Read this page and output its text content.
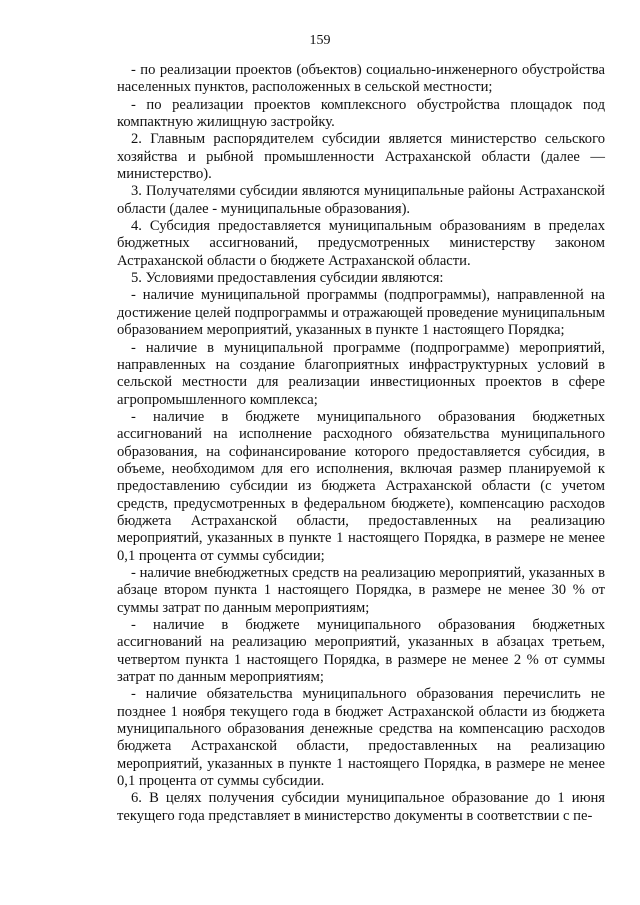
159

- по реализации проектов (объектов) социально-инженерного обустройства населенных пунктов, расположенных в сельской местности;

- по реализации проектов комплексного обустройства площадок под компактную жилищную застройку.

2. Главным распорядителем субсидии является министерство сельского хозяйства и рыбной промышленности Астраханской области (далее — министерство).

3. Получателями субсидии являются муниципальные районы Астраханской области (далее - муниципальные образования).

4. Субсидия предоставляется муниципальным образованиям в пределах бюджетных ассигнований, предусмотренных министерству законом Астраханской области о бюджете Астраханской области.

5. Условиями предоставления субсидии являются:

- наличие муниципальной программы (подпрограммы), направленной на достижение целей подпрограммы и отражающей проведение муниципальным образованием мероприятий, указанных в пункте 1 настоящего Порядка;

- наличие в муниципальной программе (подпрограмме) мероприятий, направленных на создание благоприятных инфраструктурных условий в сельской местности для реализации инвестиционных проектов в сфере агропромышленного комплекса;

- наличие в бюджете муниципального образования бюджетных ассигнований на исполнение расходного обязательства муниципального образования, на софинансирование которого предоставляется субсидия, в объеме, необходимом для его исполнения, включая размер планируемой к предоставлению субсидии из бюджета Астраханской области (с учетом средств, предусмотренных в федеральном бюджете), компенсацию расходов бюджета Астраханской области, предоставленных на реализацию мероприятий, указанных в пункте 1 настоящего Порядка, в размере не менее 0,1 процента от суммы субсидии;

- наличие внебюджетных средств на реализацию мероприятий, указанных в абзаце втором пункта 1 настоящего Порядка, в размере не менее 30 % от суммы затрат по данным мероприятиям;

- наличие в бюджете муниципального образования бюджетных ассигнований на реализацию мероприятий, указанных в абзацах третьем, четвертом пункта 1 настоящего Порядка, в размере не менее 2 % от суммы затрат по данным мероприятиям;

- наличие обязательства муниципального образования перечислить не позднее 1 ноября текущего года в бюджет Астраханской области из бюджета муниципального образования денежные средства на компенсацию расходов бюджета Астраханской области, предоставленных на реализацию мероприятий, указанных в пункте 1 настоящего Порядка, в размере не менее 0,1 процента от суммы субсидии.

6. В целях получения субсидии муниципальное образование до 1 июня текущего года представляет в министерство документы в соответствии с пе-
